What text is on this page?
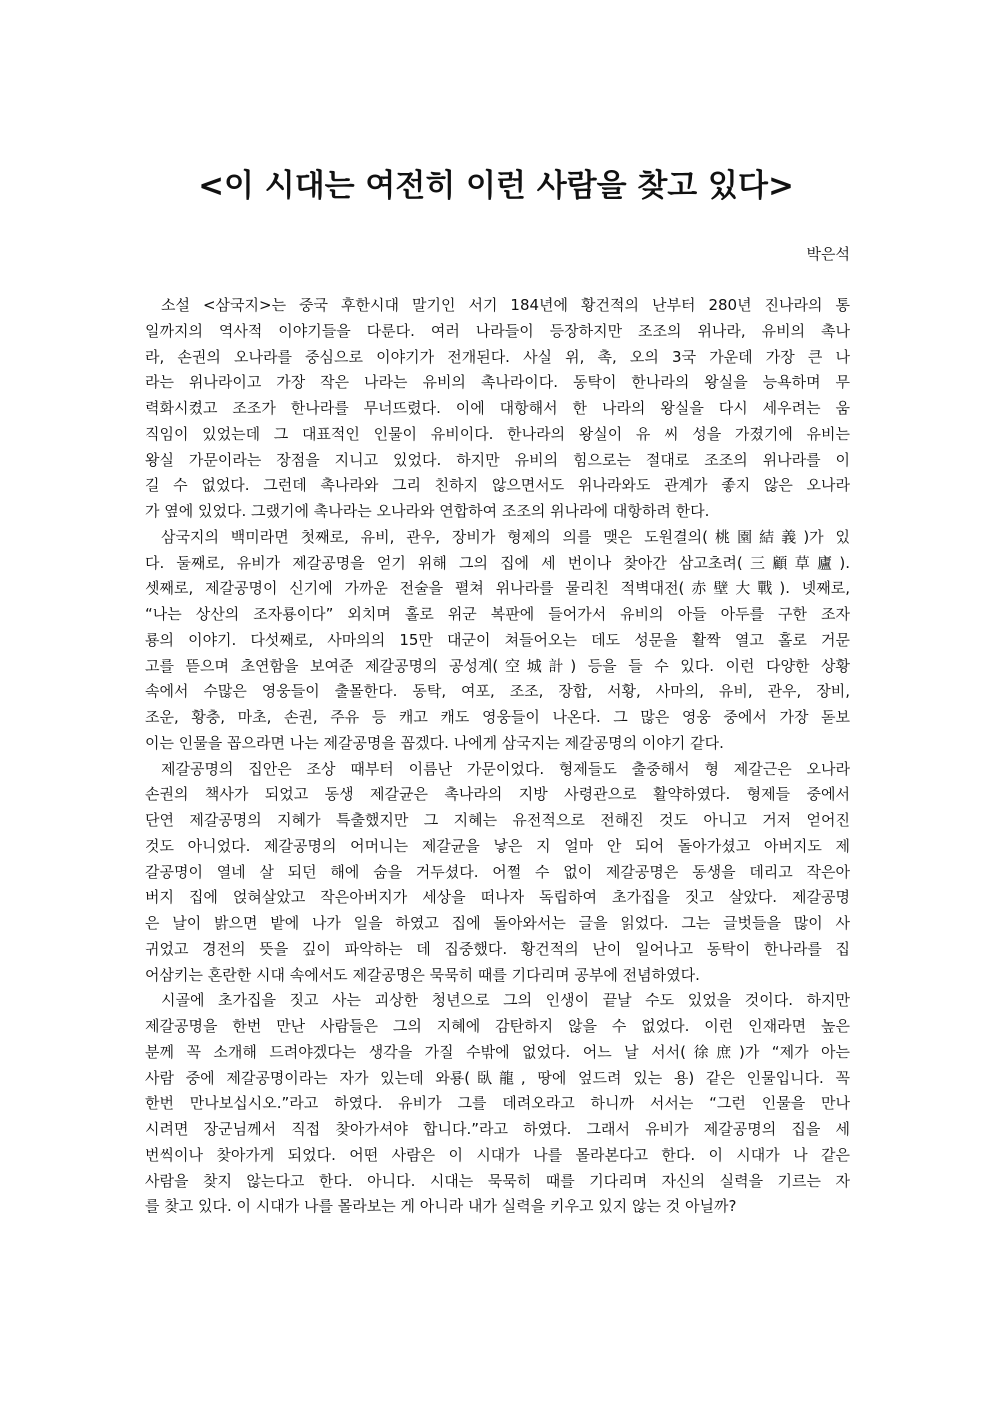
<이 시대는 여전히 이런 사람을 찾고 있다>
박은석
소설 <삼국지>는 중국 후한시대 말기인 서기 184년에 황건적의 난부터 280년 진나라의 통
일까지의 역사적 이야기들을 다룬다. 여러 나라들이 등장하지만 조조의 위나라, 유비의 촉나
라, 손권의 오나라를 중심으로 이야기가 전개된다. 사실 위, 촉, 오의 3국 가운데 가장 큰 나
라는 위나라이고 가장 작은 나라는 유비의 촉나라이다. 동탁이 한나라의 왕실을 능욕하며 무
력화시켰고 조조가 한나라를 무너뜨렸다. 이에 대항해서 한 나라의 왕실을 다시 세우려는 움
직임이 있었는데 그 대표적인 인물이 유비이다. 한나라의 왕실이 유 씨 성을 가졌기에 유비는
왕실 가문이라는 장점을 지니고 있었다. 하지만 유비의 힘으로는 절대로 조조의 위나라를 이
길 수 없었다. 그런데 촉나라와 그리 친하지 않으면서도 위나라와도 관계가 좋지 않은 오나라
가 옆에 있었다. 그랬기에 촉나라는 오나라와 연합하여 조조의 위나라에 대항하려 한다.
삼국지의 백미라면 첫째로, 유비, 관우, 장비가 형제의 의를 맺은 도원결의(桃園結義)가 있
다. 둘째로, 유비가 제갈공명을 얻기 위해 그의 집에 세 번이나 찾아간 삼고초려(三顧草廬).
셋째로, 제갈공명이 신기에 가까운 전술을 펼쳐 위나라를 물리친 적벽대전(赤壁大戰). 넷째로,
“나는 상산의 조자룡이다” 외치며 홀로 위군 복판에 들어가서 유비의 아들 아두를 구한 조자
룡의 이야기. 다섯째로, 사마의의 15만 대군이 쳐들어오는 데도 성문을 활짝 열고 홀로 거문
고를 뜯으며 초연함을 보여준 제갈공명의 공성계(空城計) 등을 들 수 있다. 이런 다양한 상황
속에서 수많은 영웅들이 출몰한다. 동탁, 여포, 조조, 장합, 서황, 사마의, 유비, 관우, 장비,
조운, 황충, 마초, 손권, 주유 등 캐고 캐도 영웅들이 나온다. 그 많은 영웅 중에서 가장 돋보
이는 인물을 꼽으라면 나는 제갈공명을 꼽겠다. 나에게 삼국지는 제갈공명의 이야기 같다.
제갈공명의 집안은 조상 때부터 이름난 가문이었다. 형제들도 출중해서 형 제갈근은 오나라
손권의 책사가 되었고 동생 제갈균은 촉나라의 지방 사령관으로 활약하였다. 형제들 중에서
단연 제갈공명의 지혜가 특출했지만 그 지혜는 유전적으로 전해진 것도 아니고 거저 얻어진
것도 아니었다. 제갈공명의 어머니는 제갈균을 낳은 지 얼마 안 되어 돌아가셨고 아버지도 제
갈공명이 열네 살 되던 해에 숨을 거두셨다. 어쩔 수 없이 제갈공명은 동생을 데리고 작은아
버지 집에 얹혀살았고 작은아버지가 세상을 떠나자 독립하여 초가집을 짓고 살았다. 제갈공명
은 날이 밝으면 밭에 나가 일을 하였고 집에 돌아와서는 글을 읽었다. 그는 글벗들을 많이 사
귀었고 경전의 뜻을 깊이 파악하는 데 집중했다. 황건적의 난이 일어나고 동탁이 한나라를 집
어삼키는 혼란한 시대 속에서도 제갈공명은 묵묵히 때를 기다리며 공부에 전념하였다.
시골에 초가집을 짓고 사는 괴상한 청년으로 그의 인생이 끝날 수도 있었을 것이다. 하지만
제갈공명을 한번 만난 사람들은 그의 지혜에 감탄하지 않을 수 없었다. 이런 인재라면 높은
분께 꼭 소개해 드려야겠다는 생각을 가질 수밖에 없었다. 어느 날 서서(徐庶)가 “제가 아는
사람 중에 제갈공명이라는 자가 있는데 와룡(臥龍, 땅에 엎드려 있는 용) 같은 인물입니다. 꼭
한번 만나보십시오.”라고 하였다. 유비가 그를 데려오라고 하니까 서서는 “그런 인물을 만나
시려면 장군님께서 직접 찾아가셔야 합니다.”라고 하였다. 그래서 유비가 제갈공명의 집을 세
번씩이나 찾아가게 되었다. 어떤 사람은 이 시대가 나를 몰라본다고 한다. 이 시대가 나 같은
사람을 찾지 않는다고 한다. 아니다. 시대는 묵묵히 때를 기다리며 자신의 실력을 기르는 자
를 찾고 있다. 이 시대가 나를 몰라보는 게 아니라 내가 실력을 키우고 있지 않는 것 아닐까?
